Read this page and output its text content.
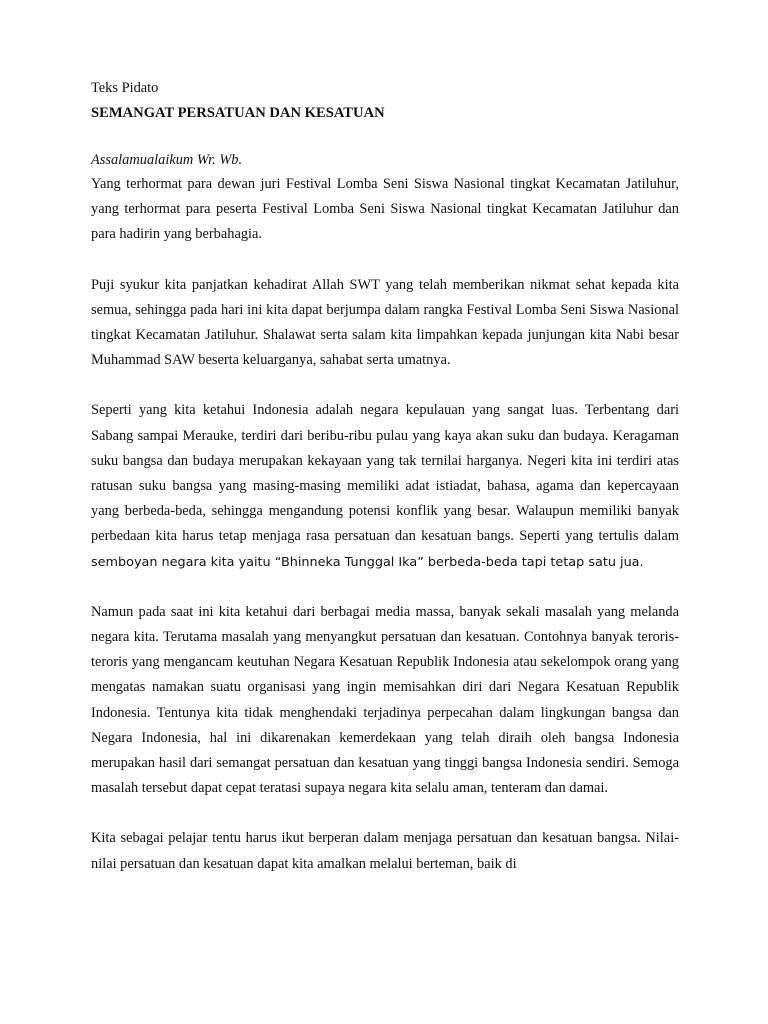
Teks Pidato

SEMANGAT PERSATUAN DAN KESATUAN

Assalamualaikum Wr. Wb.

Yang terhormat para dewan juri Festival Lomba Seni Siswa Nasional tingkat Kecamatan Jatiluhur, yang terhormat para peserta Festival Lomba Seni Siswa Nasional tingkat Kecamatan Jatiluhur dan para hadirin yang berbahagia.

Puji syukur kita panjatkan kehadirat Allah SWT yang telah memberikan nikmat sehat kepada kita semua, sehingga pada hari ini kita dapat berjumpa dalam rangka Festival Lomba Seni Siswa Nasional tingkat Kecamatan Jatiluhur. Shalawat serta salam kita limpahkan kepada junjungan kita Nabi besar Muhammad SAW beserta keluarganya, sahabat serta umatnya.

Seperti yang kita ketahui Indonesia adalah negara kepulauan yang sangat luas. Terbentang dari Sabang sampai Merauke, terdiri dari beribu-ribu pulau yang kaya akan suku dan budaya. Keragaman suku bangsa dan budaya merupakan kekayaan yang tak ternilai harganya. Negeri kita ini terdiri atas ratusan suku bangsa yang masing-masing memiliki adat istiadat, bahasa, agama dan kepercayaan yang berbeda-beda, sehingga mengandung potensi konflik yang besar. Walaupun memiliki banyak perbedaan kita harus tetap menjaga rasa persatuan dan kesatuan bangs. Seperti yang tertulis dalam semboyan negara kita yaitu “Bhinneka Tunggal Ika” berbeda-beda tapi tetap satu jua.

Namun pada saat ini kita ketahui dari berbagai media massa, banyak sekali masalah yang melanda negara kita. Terutama masalah yang menyangkut persatuan dan kesatuan. Contohnya banyak teroris-teroris yang mengancam keutuhan Negara Kesatuan Republik Indonesia atau sekelompok orang yang mengatas namakan suatu organisasi yang ingin memisahkan diri dari Negara Kesatuan Republik Indonesia. Tentunya kita tidak menghendaki terjadinya perpecahan dalam lingkungan bangsa dan Negara Indonesia, hal ini dikarenakan kemerdekaan yang telah diraih oleh bangsa Indonesia merupakan hasil dari semangat persatuan dan kesatuan yang tinggi bangsa Indonesia sendiri. Semoga masalah tersebut dapat cepat teratasi supaya negara kita selalu aman, tenteram dan damai.

Kita sebagai pelajar tentu harus ikut berperan dalam menjaga persatuan dan kesatuan bangsa. Nilai-nilai persatuan dan kesatuan dapat kita amalkan melalui berteman, baik di
